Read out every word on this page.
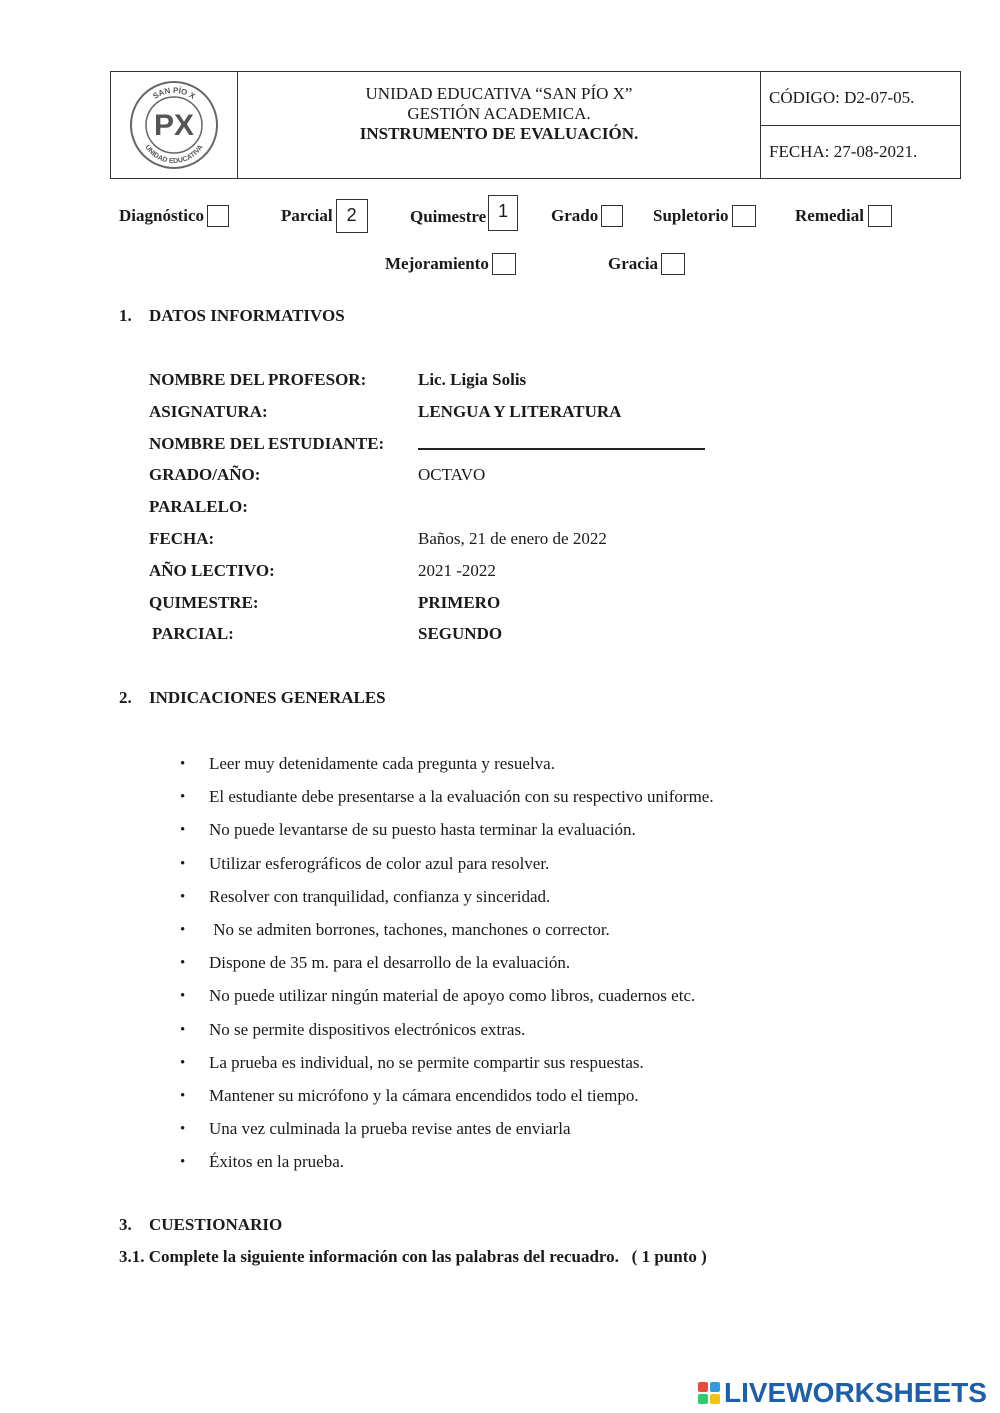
SAN PÍO X
UNIDAD EDUCATIVA
PX
UNIDAD EDUCATIVA “SAN PÍO X”
GESTIÓN ACADEMICA.
INSTRUMENTO DE EVALUACIÓN.
CÓDIGO: D2-07-05.
FECHA: 27-08-2021.
Diagnóstico	Parcial 2	Quimestre 1	Grado	Supletorio	Remedial
Mejoramiento	Gracia
1. DATOS INFORMATIVOS
NOMBRE DEL PROFESOR:	Lic. Ligia Solis
ASIGNATURA:	LENGUA Y LITERATURA
NOMBRE DEL ESTUDIANTE:
GRADO/AÑO:	OCTAVO
PARALELO:
FECHA:	Baños, 21 de enero de 2022
AÑO LECTIVO:	2021 -2022
QUIMESTRE:	PRIMERO
PARCIAL:	SEGUNDO
2. INDICACIONES GENERALES
• Leer muy detenidamente cada pregunta y resuelva.
• El estudiante debe presentarse a la evaluación con su respectivo uniforme.
• No puede levantarse de su puesto hasta terminar la evaluación.
• Utilizar esferográficos de color azul para resolver.
• Resolver con tranquilidad, confianza y sinceridad.
•  No se admiten borrones, tachones, manchones o corrector.
• Dispone de 35 m. para el desarrollo de la evaluación.
• No puede utilizar ningún material de apoyo como libros, cuadernos etc.
• No se permite dispositivos electrónicos extras.
• La prueba es individual, no se permite compartir sus respuestas.
• Mantener su micrófono y la cámara encendidos todo el tiempo.
• Una vez culminada la prueba revise antes de enviarla
• Éxitos en la prueba.
3. CUESTIONARIO
3.1. Complete la siguiente información con las palabras del recuadro.   ( 1 punto )
LIVEWORKSHEETS
